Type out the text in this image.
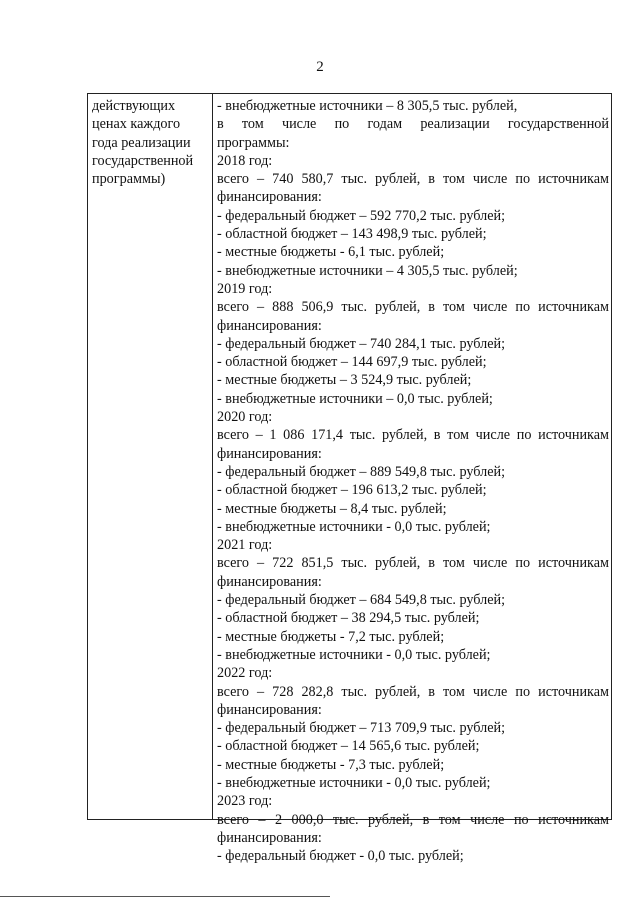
2
действующих
ценах каждого
года реализации
государственной
программы)
- внебюджетные источники – 8 305,5 тыс. рублей,
в том числе по годам реализации государственной
программы:
2018 год:
всего – 740 580,7 тыс. рублей, в том числе по источникам
финансирования:
- федеральный бюджет – 592 770,2 тыс. рублей;
- областной бюджет – 143 498,9 тыс. рублей;
- местные бюджеты - 6,1 тыс. рублей;
- внебюджетные источники – 4 305,5 тыс. рублей;
2019 год:
всего – 888 506,9 тыс. рублей, в том числе по источникам
финансирования:
- федеральный бюджет – 740 284,1 тыс. рублей;
- областной бюджет – 144 697,9 тыс. рублей;
- местные бюджеты – 3 524,9 тыс. рублей;
- внебюджетные источники – 0,0 тыс. рублей;
2020 год:
всего – 1 086 171,4 тыс. рублей, в том числе по источникам
финансирования:
- федеральный бюджет – 889 549,8 тыс. рублей;
- областной бюджет – 196 613,2 тыс. рублей;
- местные бюджеты – 8,4 тыс. рублей;
- внебюджетные источники - 0,0 тыс. рублей;
2021 год:
всего – 722 851,5 тыс. рублей, в том числе по источникам
финансирования:
- федеральный бюджет – 684 549,8 тыс. рублей;
- областной бюджет – 38 294,5 тыс. рублей;
- местные бюджеты - 7,2 тыс. рублей;
- внебюджетные источники - 0,0 тыс. рублей;
2022 год:
всего – 728 282,8 тыс. рублей, в том числе по источникам
финансирования:
- федеральный бюджет – 713 709,9 тыс. рублей;
- областной бюджет – 14 565,6 тыс. рублей;
- местные бюджеты - 7,3 тыс. рублей;
- внебюджетные источники - 0,0 тыс. рублей;
2023 год:
всего – 2 000,0 тыс. рублей, в том числе по источникам
финансирования:
- федеральный бюджет - 0,0 тыс. рублей;
